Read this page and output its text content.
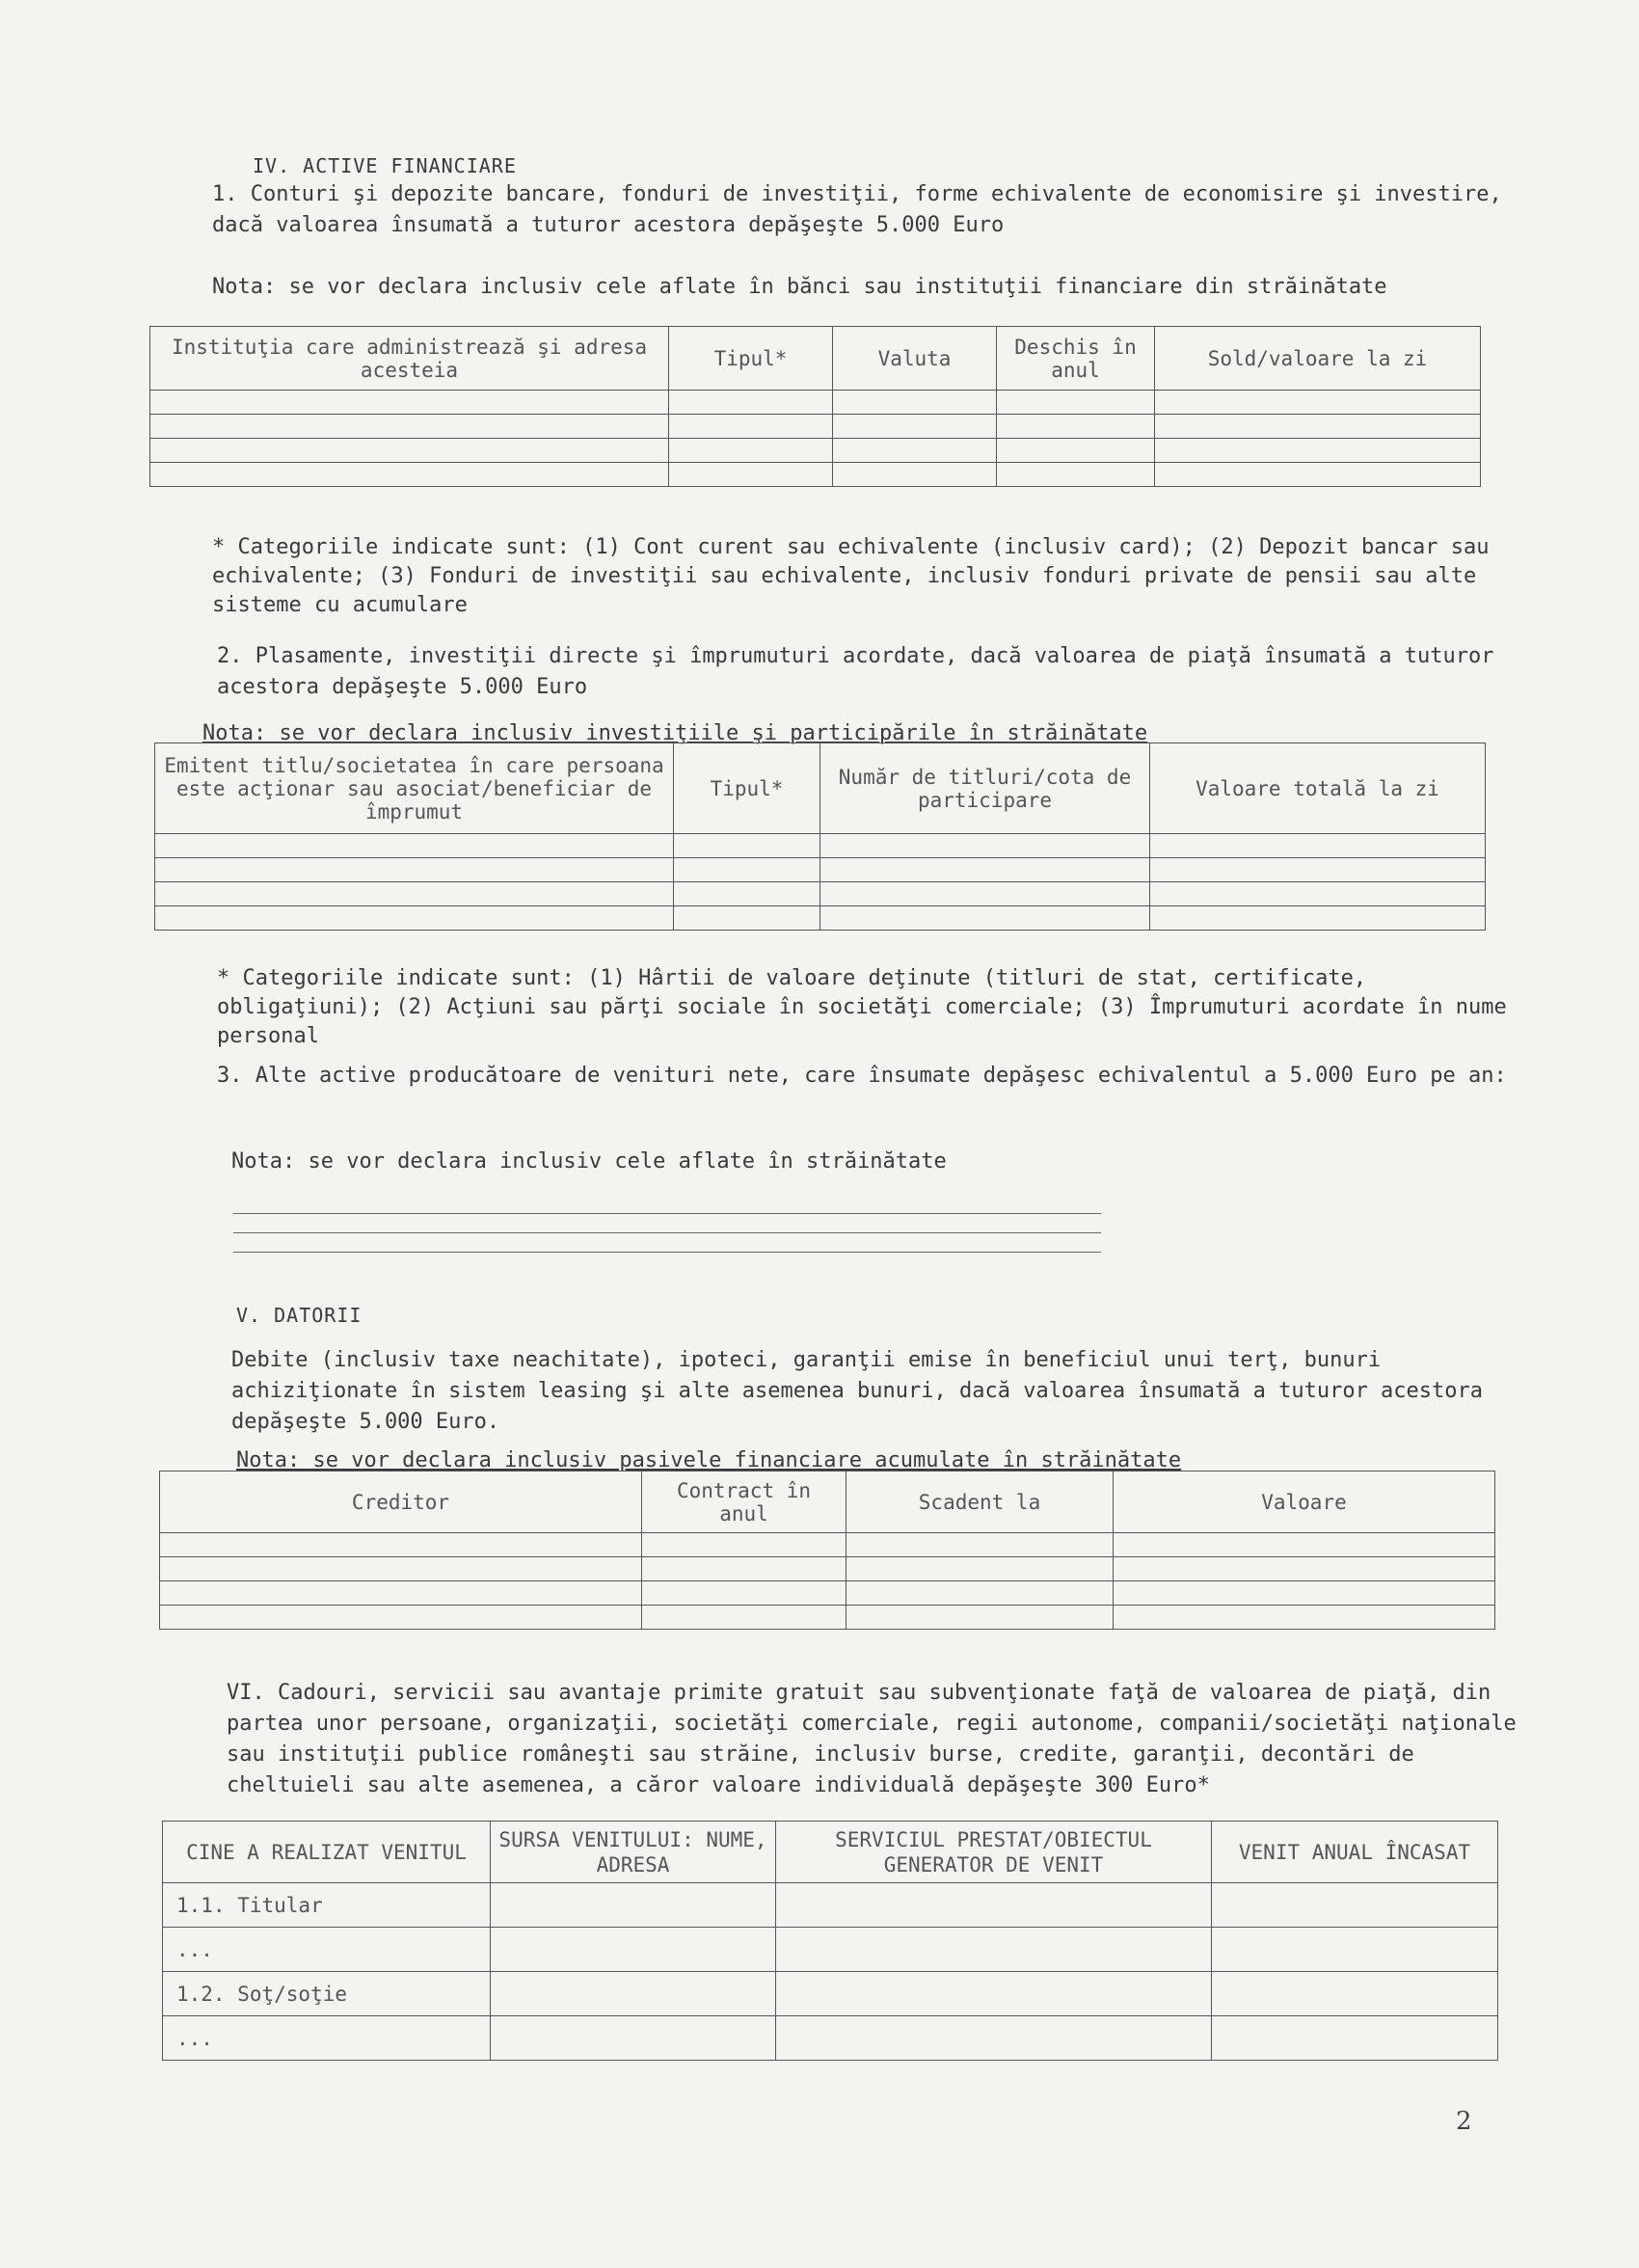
IV. ACTIVE FINANCIARE
1. Conturi şi depozite bancare, fonduri de investiţii, forme echivalente de economisire şi investire, dacă valoarea însumată a tuturor acestora depăşeşte 5.000 Euro
Nota: se vor declara inclusiv cele aflate în bănci sau instituţii financiare din străinătate
Instituţia care administrează şi adresa acesteia	Tipul*	Valuta	Deschis în anul	Sold/valoare la zi

* Categoriile indicate sunt: (1) Cont curent sau echivalente (inclusiv card); (2) Depozit bancar sau echivalente; (3) Fonduri de investiţii sau echivalente, inclusiv fonduri private de pensii sau alte sisteme cu acumulare
2. Plasamente, investiţii directe şi împrumuturi acordate, dacă valoarea de piaţă însumată a tuturor acestora depăşeşte 5.000 Euro
Nota: se vor declara inclusiv investiţiile şi participările în străinătate
Emitent titlu/societatea în care persoana este acţionar sau asociat/beneficiar de împrumut	Tipul*	Număr de titluri/cota de participare	Valoare totală la zi

* Categoriile indicate sunt: (1) Hârtii de valoare deţinute (titluri de stat, certificate, obligaţiuni); (2) Acţiuni sau părţi sociale în societăţi comerciale; (3) Împrumuturi acordate în nume personal
3. Alte active producătoare de venituri nete, care însumate depăşesc echivalentul a 5.000 Euro pe an:
Nota: se vor declara inclusiv cele aflate în străinătate
V. DATORII
Debite (inclusiv taxe neachitate), ipoteci, garanţii emise în beneficiul unui terţ, bunuri achiziţionate în sistem leasing şi alte asemenea bunuri, dacă valoarea însumată a tuturor acestora depăşeşte 5.000 Euro.
Nota: se vor declara inclusiv pasivele financiare acumulate în străinătate
Creditor	Contract în anul	Scadent la	Valoare

VI. Cadouri, servicii sau avantaje primite gratuit sau subvenţionate faţă de valoarea de piaţă, din partea unor persoane, organizaţii, societăţi comerciale, regii autonome, companii/societăţi naţionale sau instituţii publice româneşti sau străine, inclusiv burse, credite, garanţii, decontări de cheltuieli sau alte asemenea, a căror valoare individuală depăşeşte 300 Euro*
CINE A REALIZAT VENITUL	SURSA VENITULUI: NUME, ADRESA	SERVICIUL PRESTAT/OBIECTUL GENERATOR DE VENIT	VENIT ANUAL ÎNCASAT
1.1. Titular			
...			
1.2. Soţ/soţie			
...			
2
